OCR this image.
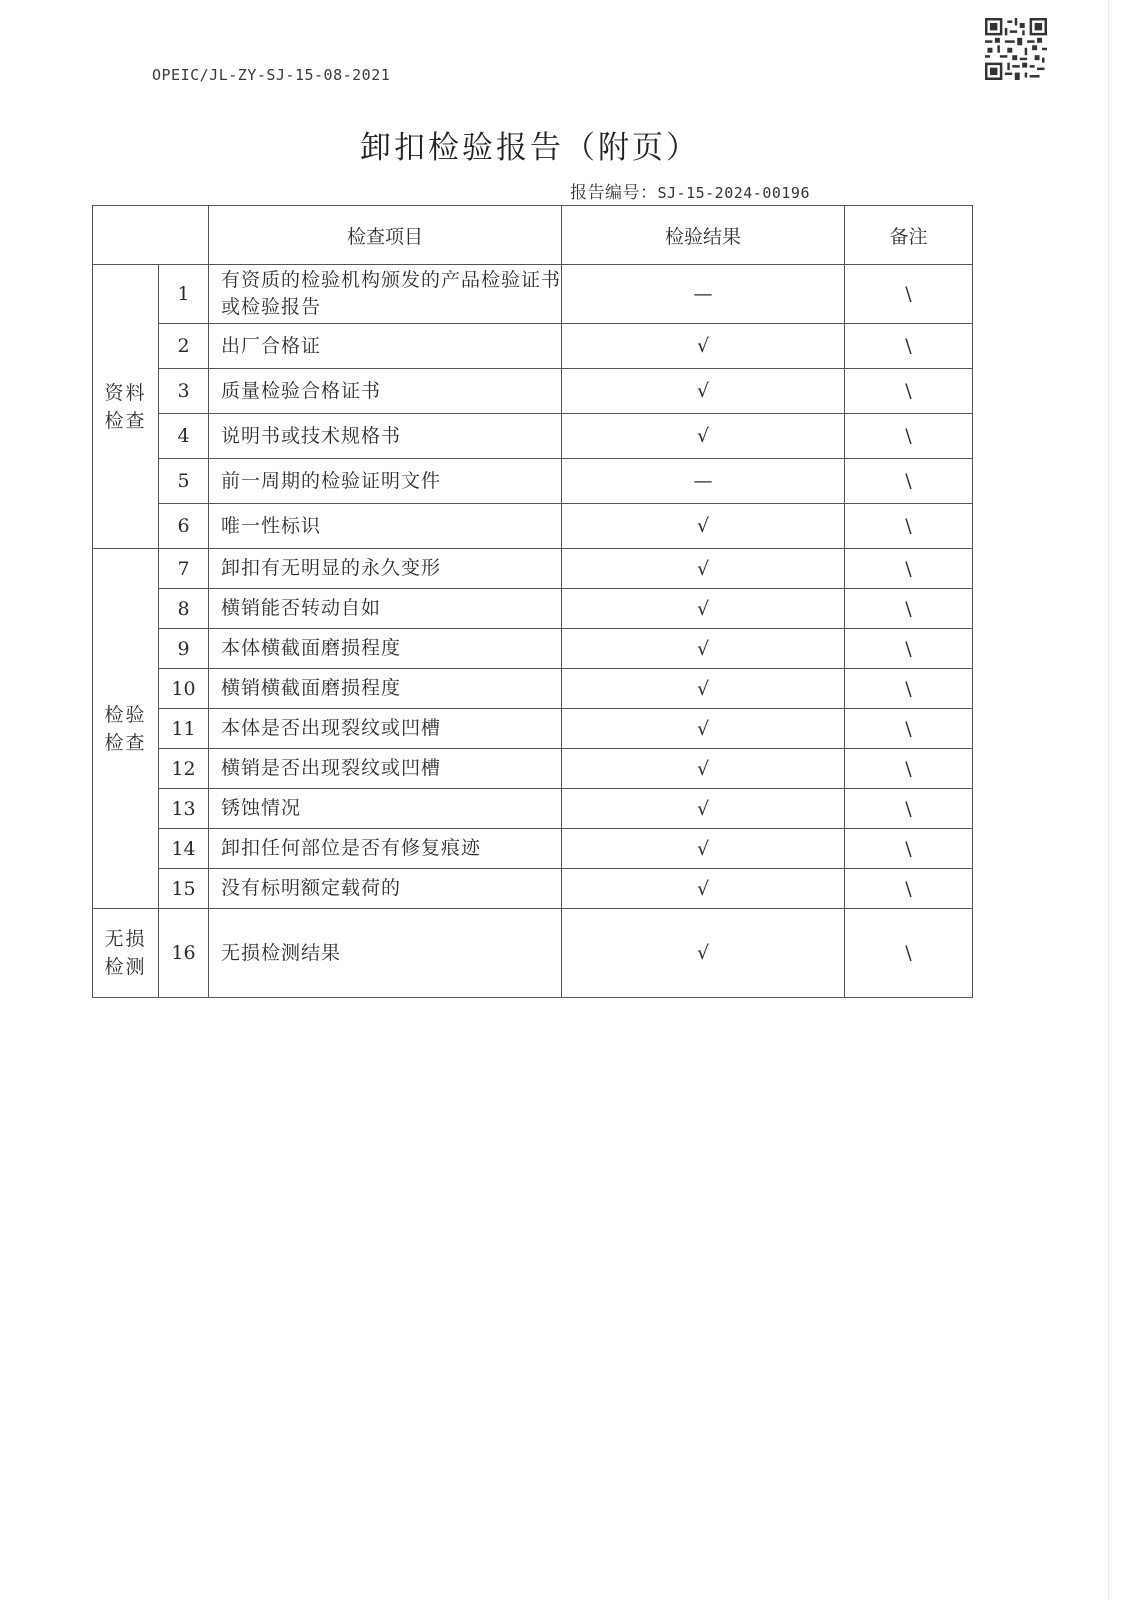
OPEIC/JL-ZY-SJ-15-08-2021
卸扣检验报告（附页）
报告编号：SJ-15-2024-00196
		检查项目	检验结果	备注

资料检查	1	有资质的检验机构颁发的产品检验证书或检验报告	—	\
	2	出厂合格证	√	\
	3	质量检验合格证书	√	\
	4	说明书或技术规格书	√	\
	5	前一周期的检验证明文件	—	\
	6	唯一性标识	√	\

检验检查	7	卸扣有无明显的永久变形	√	\
	8	横销能否转动自如	√	\
	9	本体横截面磨损程度	√	\
	10	横销横截面磨损程度	√	\
	11	本体是否出现裂纹或凹槽	√	\
	12	横销是否出现裂纹或凹槽	√	\
	13	锈蚀情况	√	\
	14	卸扣任何部位是否有修复痕迹	√	\
	15	没有标明额定载荷的	√	\

无损检测	16	无损检测结果	√	\
